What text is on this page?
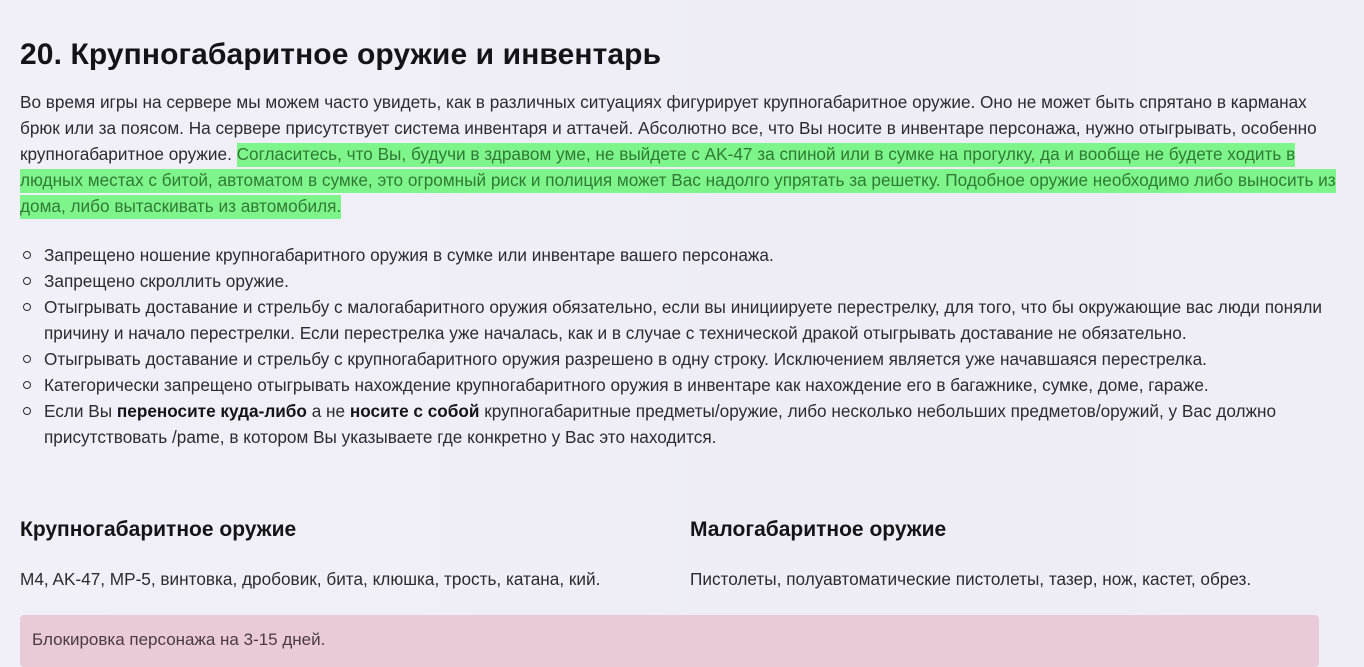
20. Крупногабаритное оружие и инвентарь

Во время игры на сервере мы можем часто увидеть, как в различных ситуациях фигурирует крупногабаритное оружие. Оно не может быть спрятано в карманах брюк или за поясом. На сервере присутствует система инвентаря и аттачей. Абсолютно все, что Вы носите в инвентаре персонажа, нужно отыгрывать, особенно крупногабаритное оружие. Согласитесь, что Вы, будучи в здравом уме, не выйдете с AK-47 за спиной или в сумке на прогулку, да и вообще не будете ходить в людных местах с битой, автоматом в сумке, это огромный риск и полиция может Вас надолго упрятать за решетку. Подобное оружие необходимо либо выносить из дома, либо вытаскивать из автомобиля.

Запрещено ношение крупногабаритного оружия в сумке или инвентаре вашего персонажа.
Запрещено скроллить оружие.
Отыгрывать доставание и стрельбу с малогабаритного оружия обязательно, если вы инициируете перестрелку, для того, что бы окружающие вас люди поняли причину и начало перестрелки. Если перестрелка уже началась, как и в случае с технической дракой отыгрывать доставание не обязательно.
Отыгрывать доставание и стрельбу с крупногабаритного оружия разрешено в одну строку. Исключением является уже начавшаяся перестрелка.
Категорически запрещено отыгрывать нахождение крупногабаритного оружия в инвентаре как нахождение его в багажнике, сумке, доме, гараже.
Если Вы переносите куда-либо а не носите с собой крупногабаритные предметы/оружие, либо несколько небольших предметов/оружий, у Вас должно присутствовать /pame, в котором Вы указываете где конкретно у Вас это находится.
Крупногабаритное оружие

M4, AK-47, MP-5, винтовка, дробовик, бита, клюшка, трость, катана, кий.

Малогабаритное оружие

Пистолеты, полуавтоматические пистолеты, тазер, нож, кастет, обрез.

Блокировка персонажа на 3-15 дней.
